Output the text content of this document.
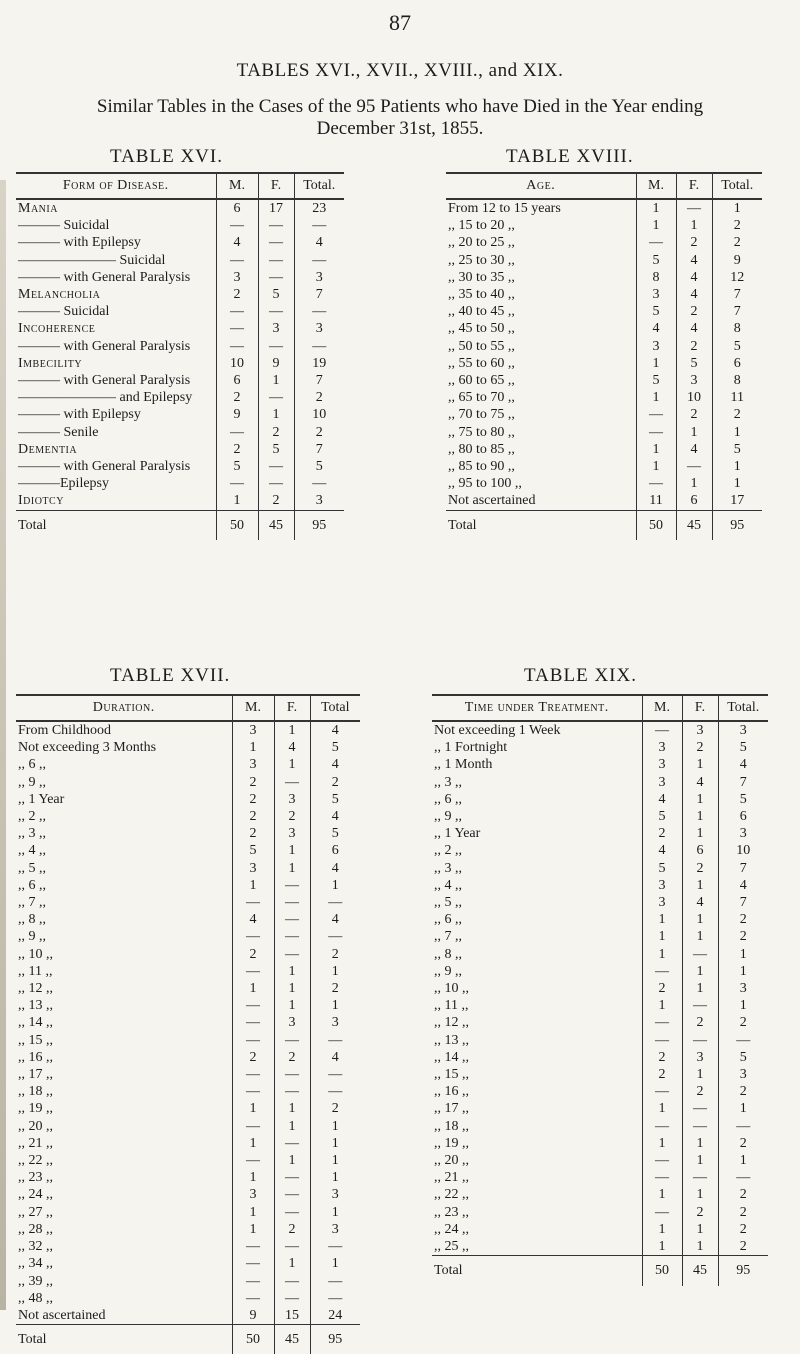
87
TABLES XVI., XVII., XVIII., and XIX.
Similar Tables in the Cases of the 95 Patients who have Died in the Year ending
December 31st, 1855.
TABLE XVI.
Form of Disease.	M.	F.	Total.
Mania	6	17	23
——— Suicidal	—	—	—
——— with Epilepsy	4	—	4
——————— Suicidal	—	—	—
——— with General Paralysis	3	—	3
Melancholia	2	5	7
——— Suicidal	—	—	—
Incoherence	—	3	3
——— with General Paralysis	—	—	—
Imbecility	10	9	19
——— with General Paralysis	6	1	7
——————— and Epilepsy	2	—	2
——— with Epilepsy	9	1	10
——— Senile	—	2	2
Dementia	2	5	7
——— with General Paralysis	5	—	5
———Epilepsy	—	—	—
Idiotcy	1	2	3
Total	50	45	95
TABLE XVIII.
Age.	M.	F.	Total.
From 12 to 15 years	1	—	1
,, 15 to 20 ,,	1	1	2
,, 20 to 25 ,,	—	2	2
,, 25 to 30 ,,	5	4	9
,, 30 to 35 ,,	8	4	12
,, 35 to 40 ,,	3	4	7
,, 40 to 45 ,,	5	2	7
,, 45 to 50 ,,	4	4	8
,, 50 to 55 ,,	3	2	5
,, 55 to 60 ,,	1	5	6
,, 60 to 65 ,,	5	3	8
,, 65 to 70 ,,	1	10	11
,, 70 to 75 ,,	—	2	2
,, 75 to 80 ,,	—	1	1
,, 80 to 85 ,,	1	4	5
,, 85 to 90 ,,	1	—	1
,, 95 to 100 ,,	—	1	1
Not ascertained	11	6	17
Total	50	45	95
TABLE XVII.
Duration.	M.	F.	Total
From Childhood	3	1	4
Not exceeding 3 Months	1	4	5
,, 6 ,,	3	1	4
,, 9 ,,	2	—	2
,, 1 Year	2	3	5
,, 2 ,,	2	2	4
,, 3 ,,	2	3	5
,, 4 ,,	5	1	6
,, 5 ,,	3	1	4
,, 6 ,,	1	—	1
,, 7 ,,	—	—	—
,, 8 ,,	4	—	4
,, 9 ,,	—	—	—
,, 10 ,,	2	—	2
,, 11 ,,	—	1	1
,, 12 ,,	1	1	2
,, 13 ,,	—	1	1
,, 14 ,,	—	3	3
,, 15 ,,	—	—	—
,, 16 ,,	2	2	4
,, 17 ,,	—	—	—
,, 18 ,,	—	—	—
,, 19 ,,	1	1	2
,, 20 ,,	—	1	1
,, 21 ,,	1	—	1
,, 22 ,,	—	1	1
,, 23 ,,	1	—	1
,, 24 ,,	3	—	3
,, 27 ,,	1	—	1
,, 28 ,,	1	2	3
,, 32 ,,	—	—	—
,, 34 ,,	—	1	1
,, 39 ,,	—	—	—
,, 48 ,,	—	—	—
Not ascertained	9	15	24
Total	50	45	95
TABLE XIX.
Time under Treatment.	M.	F.	Total.
Not exceeding 1 Week	—	3	3
,, 1 Fortnight	3	2	5
,, 1 Month	3	1	4
,, 3 ,,	3	4	7
,, 6 ,,	4	1	5
,, 9 ,,	5	1	6
,, 1 Year	2	1	3
,, 2 ,,	4	6	10
,, 3 ,,	5	2	7
,, 4 ,,	3	1	4
,, 5 ,,	3	4	7
,, 6 ,,	1	1	2
,, 7 ,,	1	1	2
,, 8 ,,	1	—	1
,, 9 ,,	—	1	1
,, 10 ,,	2	1	3
,, 11 ,,	1	—	1
,, 12 ,,	—	2	2
,, 13 ,,	—	—	—
,, 14 ,,	2	3	5
,, 15 ,,	2	1	3
,, 16 ,,	—	2	2
,, 17 ,,	1	—	1
,, 18 ,,	—	—	—
,, 19 ,,	1	1	2
,, 20 ,,	—	1	1
,, 21 ,,	—	—	—
,, 22 ,,	1	1	2
,, 23 ,,	—	2	2
,, 24 ,,	1	1	2
,, 25 ,,	1	1	2
Total	50	45	95
